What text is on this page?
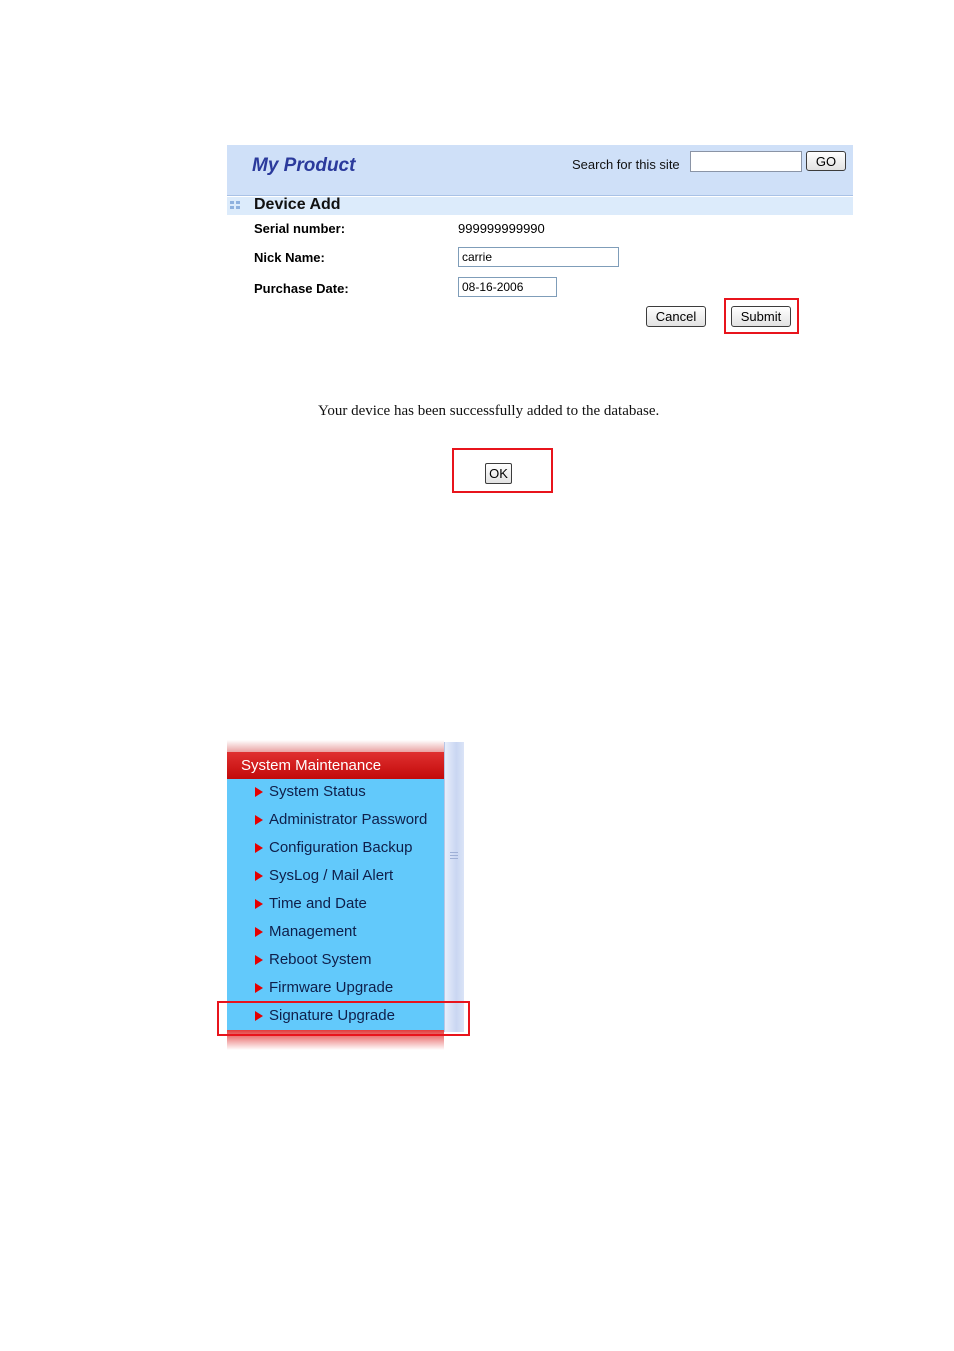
My Product	Search for this site	GO
Device Add
Serial number:	999999999990
Nick Name:
carrie
Purchase Date:
08-16-2006
Cancel	Submit
Your device has been successfully added to the database.
OK
System Maintenance
System Status
Administrator Password
Configuration Backup
SysLog / Mail Alert
Time and Date
Management
Reboot System
Firmware Upgrade
Signature Upgrade
